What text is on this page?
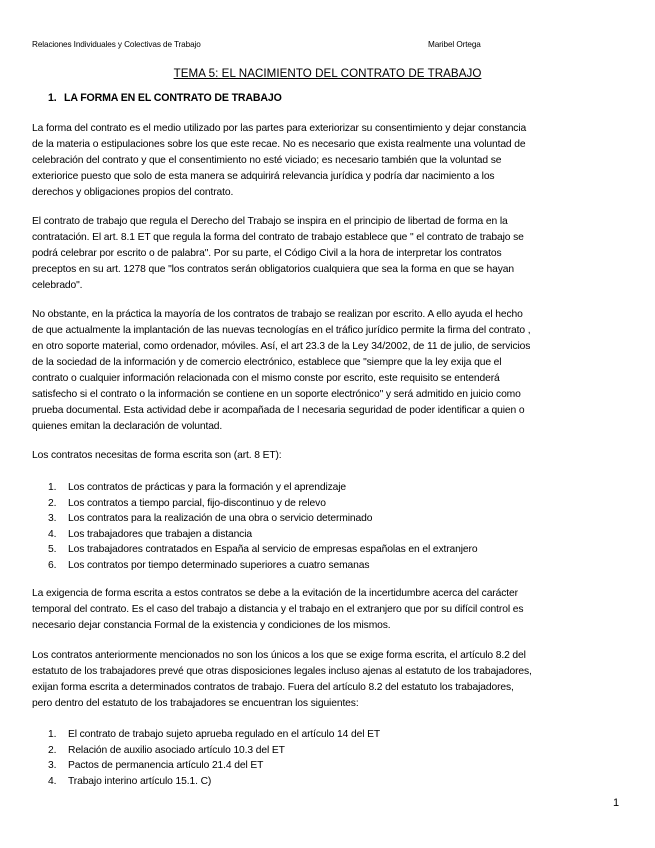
Relaciones Individuales y Colectivas de Trabajo	Maribel Ortega
TEMA 5: EL NACIMIENTO DEL CONTRATO DE TRABAJO
1. LA FORMA EN EL CONTRATO DE TRABAJO
La forma del contrato es el medio utilizado por las partes para exteriorizar su consentimiento y dejar constancia
de la materia o estipulaciones sobre los que este recae. No es necesario que exista realmente una voluntad de
celebración del contrato y que el consentimiento no esté viciado; es necesario también que la voluntad se
exteriorice puesto que solo de esta manera se adquirirá relevancia jurídica y podría dar nacimiento a los
derechos y obligaciones propios del contrato.
El contrato de trabajo que regula el Derecho del Trabajo se inspira en el principio de libertad de forma en la
contratación. El art. 8.1 ET que regula la forma del contrato de trabajo establece que " el contrato de trabajo se
podrá celebrar por escrito o de palabra". Por su parte, el Código Civil a la hora de interpretar los contratos
preceptos en su art. 1278 que "los contratos serán obligatorios cualquiera que sea la forma en que se hayan
celebrado".
No obstante, en la práctica la mayoría de los contratos de trabajo se realizan por escrito. A ello ayuda el hecho
de que actualmente la implantación de las nuevas tecnologías en el tráfico jurídico permite la firma del contrato ,
en otro soporte material, como ordenador, móviles. Así, el art 23.3 de la Ley 34/2002, de 11 de julio, de servicios
de la sociedad de la información y de comercio electrónico, establece que "siempre que la ley exija que el
contrato o cualquier información relacionada con el mismo conste por escrito, este requisito se entenderá
satisfecho si el contrato o la información se contiene en un soporte electrónico" y será admitido en juicio como
prueba documental. Esta actividad debe ir acompañada de l necesaria seguridad de poder identificar a quien o
quienes emitan la declaración de voluntad.
Los contratos necesitas de forma escrita son (art. 8 ET):
1. Los contratos de prácticas y para la formación y el aprendizaje
2. Los contratos a tiempo parcial, fijo-discontinuo y de relevo
3. Los contratos para la realización de una obra o servicio determinado
4. Los trabajadores que trabajen a distancia
5. Los trabajadores contratados en España al servicio de empresas españolas en el extranjero
6. Los contratos por tiempo determinado superiores a cuatro semanas
La exigencia de forma escrita a estos contratos se debe a la evitación de la incertidumbre acerca del carácter
temporal del contrato. Es el caso del trabajo a distancia y el trabajo en el extranjero que por su difícil control es
necesario dejar constancia Formal de la existencia y condiciones de los mismos.
Los contratos anteriormente mencionados no son los únicos a los que se exige forma escrita, el artículo 8.2 del
estatuto de los trabajadores prevé que otras disposiciones legales incluso ajenas al estatuto de los trabajadores,
exijan forma escrita a determinados contratos de trabajo. Fuera del artículo 8.2 del estatuto los trabajadores,
pero dentro del estatuto de los trabajadores se encuentran los siguientes:
1. El contrato de trabajo sujeto aprueba regulado en el artículo 14 del ET
2. Relación de auxilio asociado artículo 10.3 del ET
3. Pactos de permanencia artículo 21.4 del ET
4. Trabajo interino artículo 15.1. C)
1
